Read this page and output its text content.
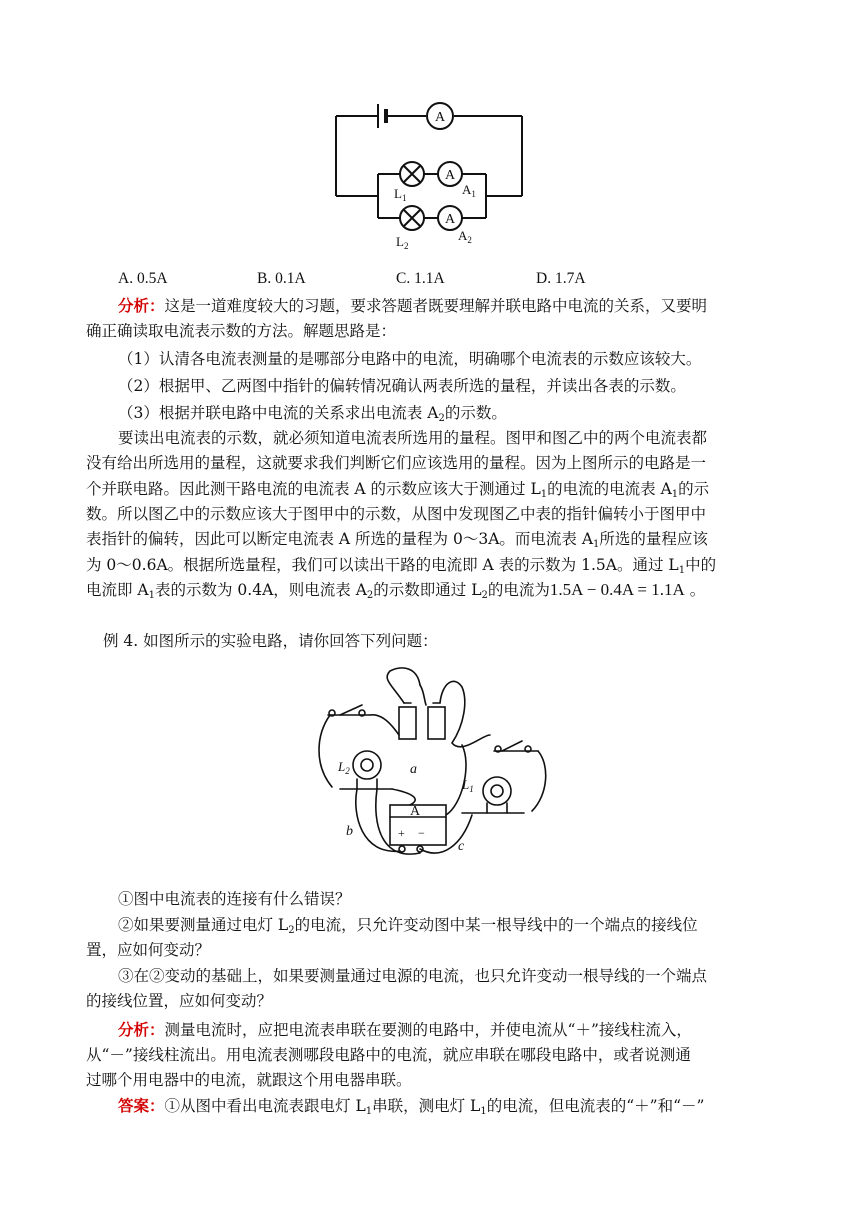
A
A
A
$L_1$
$A_1$
$L_2$
$A_2$
A. 0.5A	B. 0.1A	C. 1.1A	D. 1.7A
分析：这是一道难度较大的习题，要求答题者既要理解并联电路中电流的关系，又要明
确正确读取电流表示数的方法。解题思路是：
（1）认清各电流表测量的是哪部分电路中的电流，明确哪个电流表的示数应该较大。
（2）根据甲、乙两图中指针的偏转情况确认两表所选的量程，并读出各表的示数。
（3）根据并联电路中电流的关系求出电流表 $A_2$的示数。
要读出电流表的示数，就必须知道电流表所选用的量程。图甲和图乙中的两个电流表都
没有给出所选用的量程，这就要求我们判断它们应该选用的量程。因为上图所示的电路是一
个并联电路。因此测干路电流的电流表 A 的示数应该大于测通过 $L_1$的电流的电流表 $A_1$的示
数。所以图乙中的示数应该大于图甲中的示数，从图中发现图乙中表的指针偏转小于图甲中
表指针的偏转，因此可以断定电流表 A 所选的量程为 0～3A。而电流表 $A_1$所选的量程应该
为 0～0.6A。根据所选量程，我们可以读出干路的电流即 A 表的示数为 1.5A。通过 $L_1$中的
电流即 $A_1$表的示数为 0.4A，则电流表 $A_2$的示数即通过 $L_2$的电流为1.5A − 0.4A = 1.1A 。
例 4. 如图所示的实验电路，请你回答下列问题：
A
+ −
a
b
c
$L_2$
$L_1$
①图中电流表的连接有什么错误？
②如果要测量通过电灯 $L_2$的电流，只允许变动图中某一根导线中的一个端点的接线位
置，应如何变动？
③在②变动的基础上，如果要测量通过电源的电流，也只允许变动一根导线的一个端点
的接线位置，应如何变动？
分析：测量电流时，应把电流表串联在要测的电路中，并使电流从“＋”接线柱流入，
从“－”接线柱流出。用电流表测哪段电路中的电流，就应串联在哪段电路中，或者说测通
过哪个用电器中的电流，就跟这个用电器串联。
答案：①从图中看出电流表跟电灯 $L_1$串联，测电灯 $L_1$的电流，但电流表的“＋”和“－”
